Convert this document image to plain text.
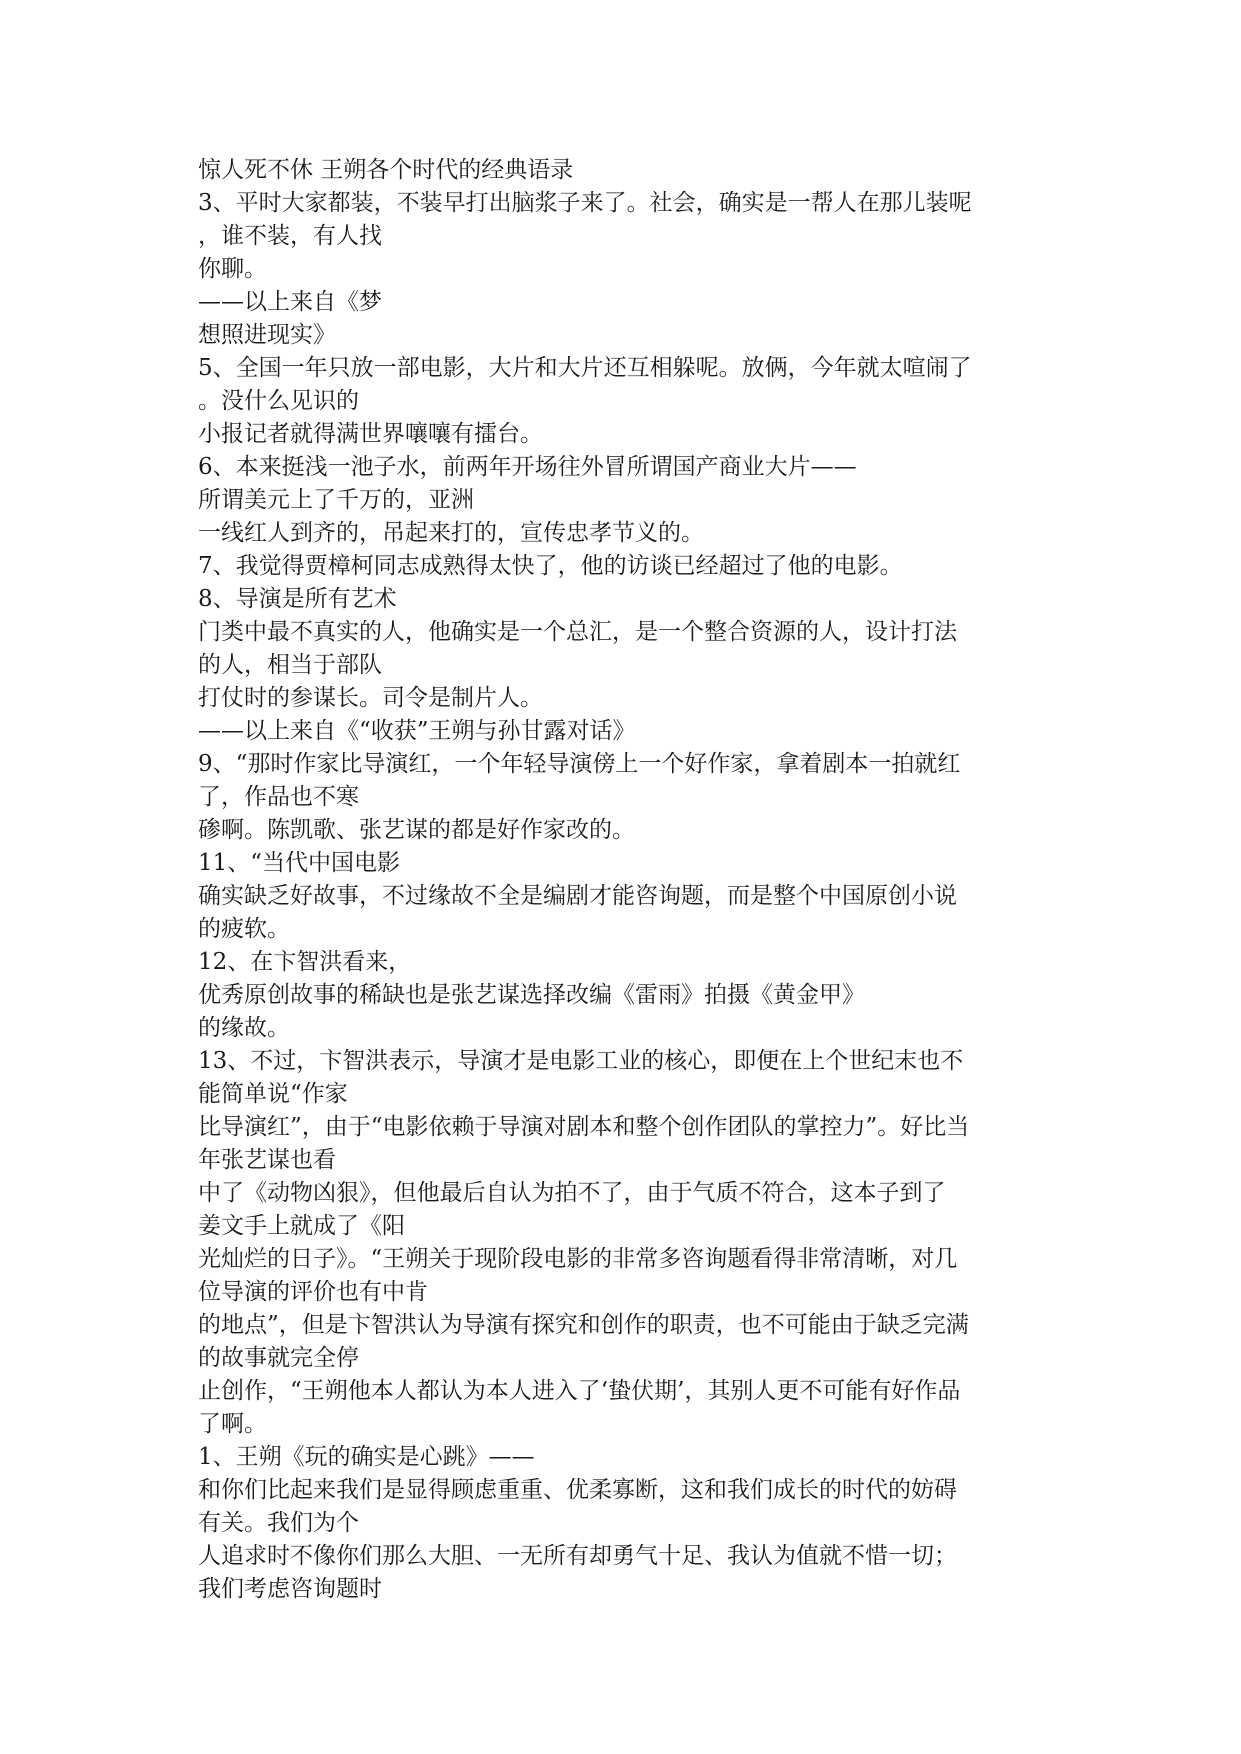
惊人死不休 王朔各个时代的经典语录
3、平时大家都装，不装早打出脑浆子来了。社会，确实是一帮人在那儿装呢
，谁不装，有人找
你聊。
——以上来自《梦
想照进现实》
5、全国一年只放一部电影，大片和大片还互相躲呢。放俩，今年就太喧闹了
。没什么见识的
小报记者就得满世界嚷嚷有擂台。
6、本来挺浅一池子水，前两年开场往外冒所谓国产商业大片——
所谓美元上了千万的，亚洲
一线红人到齐的，吊起来打的，宣传忠孝节义的。
7、我觉得贾樟柯同志成熟得太快了，他的访谈已经超过了他的电影。
8、导演是所有艺术
门类中最不真实的人，他确实是一个总汇，是一个整合资源的人，设计打法
的人，相当于部队
打仗时的参谋长。司令是制片人。
——以上来自《“收获”王朔与孙甘露对话》
9、“那时作家比导演红，一个年轻导演傍上一个好作家，拿着剧本一拍就红
了，作品也不寒
碜啊。陈凯歌、张艺谋的都是好作家改的。
11、“当代中国电影
确实缺乏好故事，不过缘故不全是编剧才能咨询题，而是整个中国原创小说
的疲软。
12、在卞智洪看来，
优秀原创故事的稀缺也是张艺谋选择改编《雷雨》拍摄《黄金甲》
的缘故。
13、不过，卞智洪表示，导演才是电影工业的核心，即便在上个世纪末也不
能简单说“作家
比导演红”，由于“电影依赖于导演对剧本和整个创作团队的掌控力”。好比当
年张艺谋也看
中了《动物凶狠》，但他最后自认为拍不了，由于气质不符合，这本子到了
姜文手上就成了《阳
光灿烂的日子》。“王朔关于现阶段电影的非常多咨询题看得非常清晰，对几
位导演的评价也有中肯
的地点”，但是卞智洪认为导演有探究和创作的职责，也不可能由于缺乏完满
的故事就完全停
止创作，“王朔他本人都认为本人进入了‘蛰伏期’，其别人更不可能有好作品
了啊。
1、王朔《玩的确实是心跳》——
和你们比起来我们是显得顾虑重重、优柔寡断，这和我们成长的时代的妨碍
有关。我们为个
人追求时不像你们那么大胆、一无所有却勇气十足、我认为值就不惜一切；
我们考虑咨询题时
